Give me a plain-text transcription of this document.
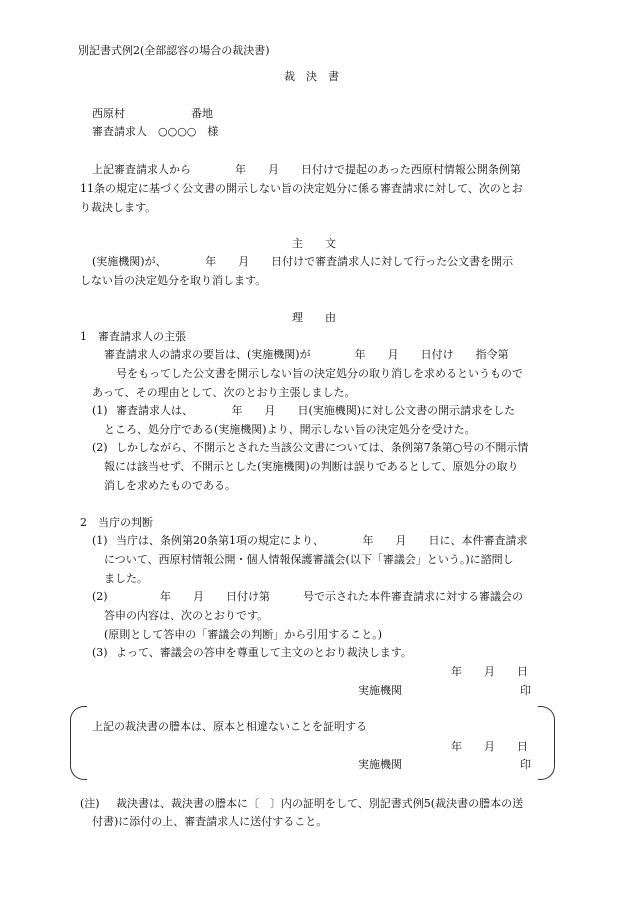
別記書式例2(全部認容の場合の裁決書)
裁　決　書
西原村　　　　　　番地
審査請求人　○○○○　様
上記審査請求人から　　　　年　　月　　日付けで提起のあった西原村情報公開条例第
11条の規定に基づく公文書の開示しない旨の決定処分に係る審査請求に対して、次のとお
り裁決します。
主　　文
(実施機関)が、　　　　年　　月　　日付けで審査請求人に対して行った公文書を開示
しない旨の決定処分を取り消します。
理　　由
1　審査請求人の主張
審査請求人の請求の要旨は、(実施機関)が　　　　年　　月　　日付け　　指令第
号をもってした公文書を開示しない旨の決定処分の取り消しを求めるというもので
あって、その理由として、次のとおり主張しました。
(1) 審査請求人は、　　　　年　　月　　日(実施機関)に対し公文書の開示請求をした
ところ、処分庁である(実施機関)より、開示しない旨の決定処分を受けた。
(2) しかしながら、不開示とされた当該公文書については、条例第7条第○号の不開示情
報には該当せず、不開示とした(実施機関)の判断は誤りであるとして、原処分の取り
消しを求めたものである。
2　当庁の判断
(1) 当庁は、条例第20条第1項の規定により、　　　　年　　月　　日に、本件審査請求
について、西原村情報公開・個人情報保護審議会(以下「審議会」という。)に諮問し
ました。
(2) 　　　　年　　月　　日付け第　　　号で示された本件審査請求に対する審議会の
答申の内容は、次のとおりです。
(原則として答申の「審議会の判断」から引用すること。)
(3) よって、審議会の答申を尊重して主文のとおり裁決します。
年　　月　　日
実施機関	印
上記の裁決書の謄本は、原本と相違ないことを証明する
年　　月　　日
実施機関	印
(注) 裁決書は、裁決書の謄本に〔　〕内の証明をして、別記書式例5(裁決書の謄本の送
付書)に添付の上、審査請求人に送付すること。
